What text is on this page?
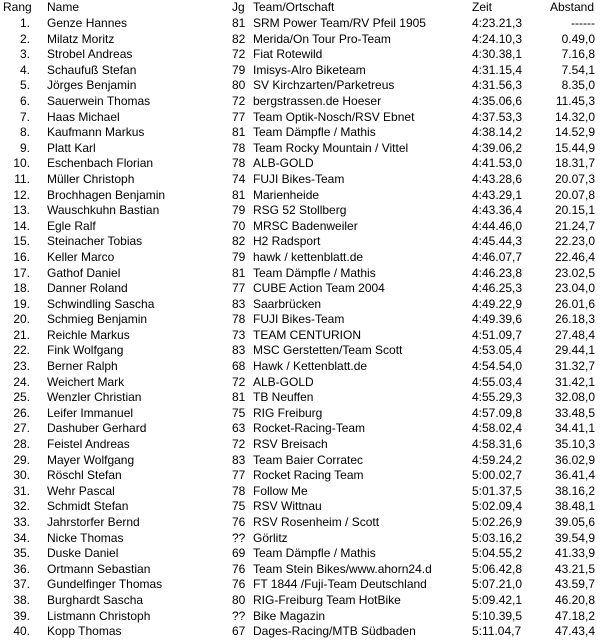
Rang Name	Jg Team/Ortschaft	Zeit	Abstand
1. Genze Hannes	81 SRM Power Team/RV Pfeil 1905	4:23.21,3	------
2. Milatz Moritz	82 Merida/On Tour Pro-Team	4:24.10,3	0.49,0
3. Strobel Andreas	72 Fiat Rotewild	4:30.38,1	7.16,8
4. Schaufuß Stefan	79 Imisys-Alro Biketeam	4:31.15,4	7.54,1
5. Jörges Benjamin	80 SV Kirchzarten/Parketreus	4:31.56,3	8.35,0
6. Sauerwein Thomas	72 bergstrassen.de Hoeser	4:35.06,6	11.45,3
7. Haas Michael	77 Team Optik-Nosch/RSV Ebnet	4:37.53,3	14.32,0
8. Kaufmann Markus	81 Team Dämpfle / Mathis	4:38.14,2	14.52,9
9. Platt Karl	78 Team Rocky Mountain / Vittel	4:39.06,2	15.44,9
10. Eschenbach Florian	78 ALB-GOLD	4:41.53,0	18.31,7
11. Müller Christoph	74 FUJI Bikes-Team	4:43.28,6	20.07,3
12. Brochhagen Benjamin	81 Marienheide	4:43.29,1	20.07,8
13. Wauschkuhn Bastian	79 RSG 52 Stollberg	4:43.36,4	20.15,1
14. Egle Ralf	70 MRSC Badenweiler	4:44.46,0	21.24,7
15. Steinacher Tobias	82 H2 Radsport	4:45.44,3	22.23,0
16. Keller Marco	79 hawk / kettenblatt.de	4:46.07,7	22.46,4
17. Gathof Daniel	81 Team Dämpfle / Mathis	4:46.23,8	23.02,5
18. Danner Roland	77 CUBE Action Team 2004	4:46.25,3	23.04,0
19. Schwindling Sascha	83 Saarbrücken	4:49.22,9	26.01,6
20. Schmieg Benjamin	78 FUJI Bikes-Team	4:49.39,6	26.18,3
21. Reichle Markus	73 TEAM CENTURION	4:51.09,7	27.48,4
22. Fink Wolfgang	83 MSC Gerstetten/Team Scott	4:53.05,4	29.44,1
23. Berner Ralph	68 Hawk / Kettenblatt.de	4:54.54,0	31.32,7
24. Weichert Mark	72 ALB-GOLD	4:55.03,4	31.42,1
25. Wenzler Christian	81 TB Neuffen	4:55.29,3	32.08,0
26. Leifer Immanuel	75 RIG Freiburg	4:57.09,8	33.48,5
27. Dashuber Gerhard	63 Rocket-Racing-Team	4:58.02,4	34.41,1
28. Feistel Andreas	72 RSV Breisach	4:58.31,6	35.10,3
29. Mayer Wolfgang	83 Team Baier Corratec	4:59.24,2	36.02,9
30. Röschl Stefan	77 Rocket Racing Team	5:00.02,7	36.41,4
31. Wehr Pascal	78 Follow Me	5:01.37,5	38.16,2
32. Schmidt Stefan	75 RSV Wittnau	5:02.09,4	38.48,1
33. Jahrstorfer Bernd	76 RSV Rosenheim / Scott	5:02.26,9	39.05,6
34. Nicke Thomas	?? Görlitz	5:03.16,2	39.54,9
35. Duske Daniel	69 Team Dämpfle / Mathis	5:04.55,2	41.33,9
36. Ortmann Sebastian	76 Team Stein Bikes/www.ahorn24.d	5:06.42,8	43.21,5
37. Gundelfinger Thomas	76 FT 1844 /Fuji-Team Deutschland	5:07.21,0	43.59,7
38. Burghardt Sascha	80 RIG-Freiburg Team HotBike	5:09.42,1	46.20,8
39. Listmann Christoph	?? Bike Magazin	5:10.39,5	47.18,2
40. Kopp Thomas	67 Dages-Racing/MTB Südbaden	5:11.04,7	47.43,4
